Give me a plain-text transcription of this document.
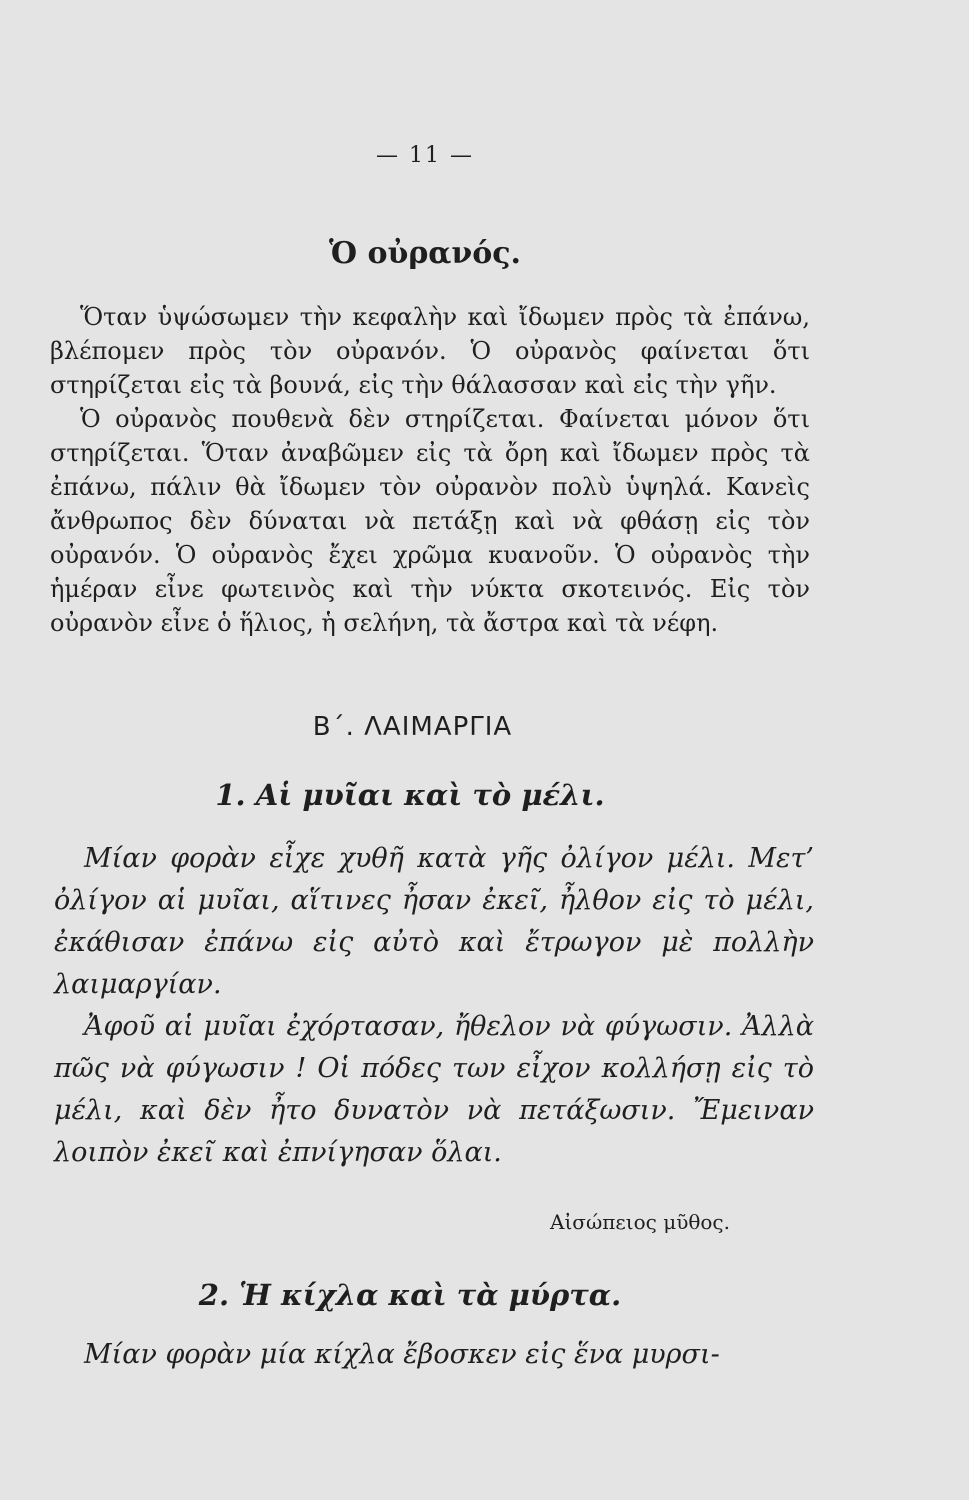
— 11 —
Ὁ οὐρανός.

Ὅταν ὑψώσωμεν τὴν κεφαλὴν καὶ ἴδωμεν πρὸς τὰ ἐπάνω, βλέπομεν πρὸς τὸν οὐρανόν. Ὁ οὐρανὸς φαίνεται ὅτι στηρίζεται εἰς τὰ βουνά, εἰς τὴν θάλασσαν καὶ εἰς τὴν γῆν.

Ὁ οὐρανὸς πουθενὰ δὲν στηρίζεται. Φαίνεται μόνον ὅτι στηρίζεται. Ὅταν ἀναβῶμεν εἰς τὰ ὄρη καὶ ἴδωμεν πρὸς τὰ ἐπάνω, πάλιν θὰ ἴδωμεν τὸν οὐρανὸν πολὺ ὑψηλά. Κανεὶς ἄνθρωπος δὲν δύναται νὰ πετάξῃ καὶ νὰ φθάσῃ εἰς τὸν οὐρανόν. Ὁ οὐρανὸς ἔχει χρῶμα κυανοῦν. Ὁ οὐρανὸς τὴν ἡμέραν εἶνε φωτεινὸς καὶ τὴν νύκτα σκοτεινός. Εἰς τὸν οὐρανὸν εἶνε ὁ ἥλιος, ἡ σελήνη, τὰ ἄστρα καὶ τὰ νέφη.

Β΄. ΛΑΙΜΑΡΓΙΑ
1. Αἱ μυῖαι καὶ τὸ μέλι.

Μίαν φορὰν εἶχε χυθῆ κατὰ γῆς ὀλίγον μέλι. Μετ’ ὀλίγον αἱ μυῖαι, αἵτινες ἦσαν ἐκεῖ, ἦλθον εἰς τὸ μέλι, ἐκάθισαν ἐπάνω εἰς αὐτὸ καὶ ἔτρωγον μὲ πολλὴν λαιμαργίαν.

Ἀφοῦ αἱ μυῖαι ἐχόρτασαν, ἤθελον νὰ φύγωσιν. Ἀλλὰ πῶς νὰ φύγωσιν ! Οἱ πόδες των εἶχον κολλήσῃ εἰς τὸ μέλι, καὶ δὲν ἦτο δυνατὸν νὰ πετάξωσιν. Ἔμειναν λοιπὸν ἐκεῖ καὶ ἐπνίγησαν ὅλαι.

Αἰσώπειος μῦθος.
2. Ἡ κίχλα καὶ τὰ μύρτα.

Μίαν φορὰν μία κίχλα ἔβοσκεν εἰς ἕνα μυρσι-
